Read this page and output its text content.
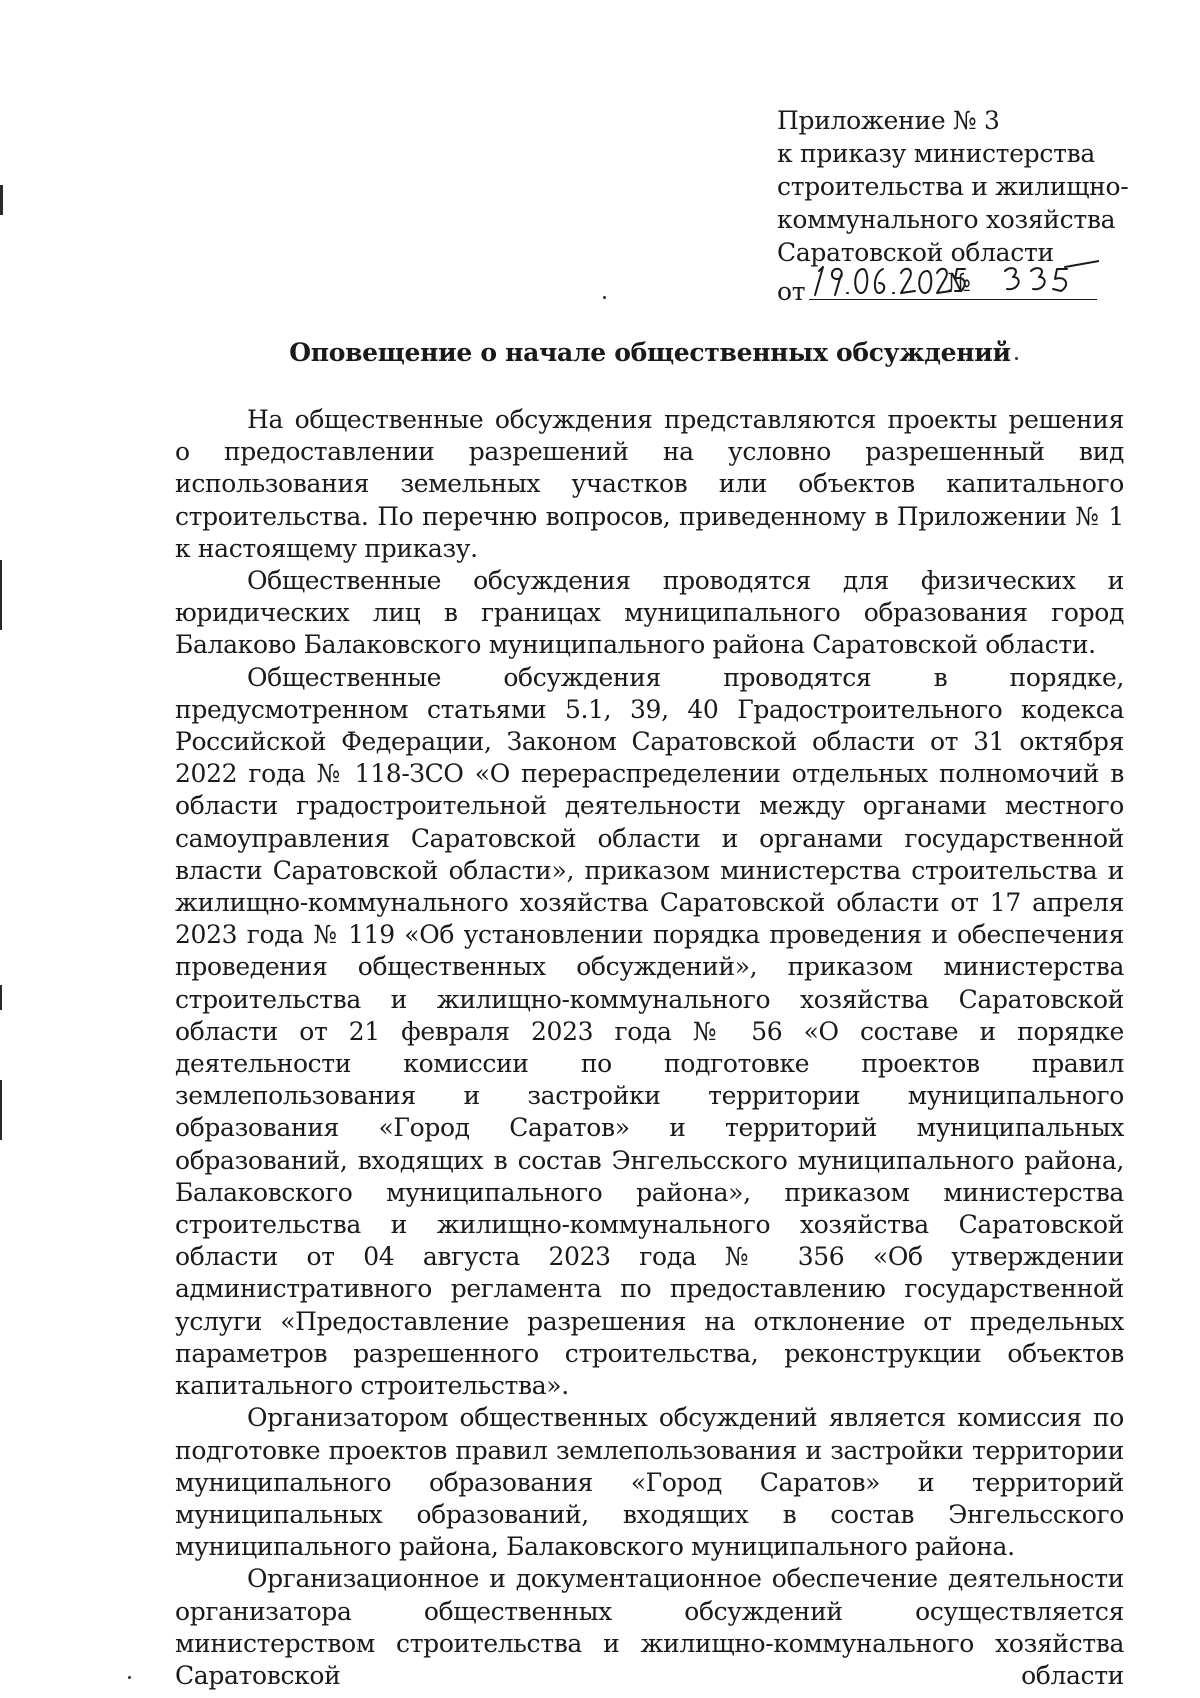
Приложение № 3
к приказу министерства
строительства и жилищно-
коммунального хозяйства
Саратовской области
от	№
Оповещение о начале общественных обсуждений

На общественные обсуждения представляются проекты решения о предоставлении разрешений на условно разрешенный вид использования земельных участков или объектов капитального строительства. По перечню вопросов, приведенному в Приложении № 1 к настоящему приказу.

Общественные обсуждения проводятся для физических и юридических лиц в границах муниципального образования город Балаково Балаковского муниципального района Саратовской области.

Общественные обсуждения проводятся в порядке, предусмотренном статьями 5.1, 39, 40 Градостроительного кодекса Российской Федерации, Законом Саратовской области от 31 октября 2022 года № 118-ЗСО «О перераспределении отдельных полномочий в области градостроительной деятельности между органами местного самоуправления Саратовской области и органами государственной власти Саратовской области», приказом министерства строительства и жилищно-коммунального хозяйства Саратовской области от 17 апреля 2023 года № 119 «Об установлении порядка проведения и обеспечения проведения общественных обсуждений», приказом министерства строительства и жилищно-коммунального хозяйства Саратовской области от 21 февраля 2023 года № 56 «О составе и порядке деятельности комиссии по подготовке проектов правил землепользования и застройки территории муниципального образования «Город Саратов» и территорий муниципальных образований, входящих в состав Энгельсского муниципального района, Балаковского муниципального района», приказом министерства строительства и жилищно-коммунального хозяйства Саратовской области от 04 августа 2023 года № 356 «Об утверждении административного регламента по предоставлению государственной услуги «Предоставление разрешения на отклонение от предельных параметров разрешенного строительства, реконструкции объектов капитального строительства».

Организатором общественных обсуждений является комиссия по подготовке проектов правил землепользования и застройки территории муниципального образования «Город Саратов» и территорий муниципальных образований, входящих в состав Энгельсского муниципального района, Балаковского муниципального района.

Организационное и документационное обеспечение деятельности организатора общественных обсуждений осуществляется министерством строительства и жилищно-коммунального хозяйства Саратовской области
